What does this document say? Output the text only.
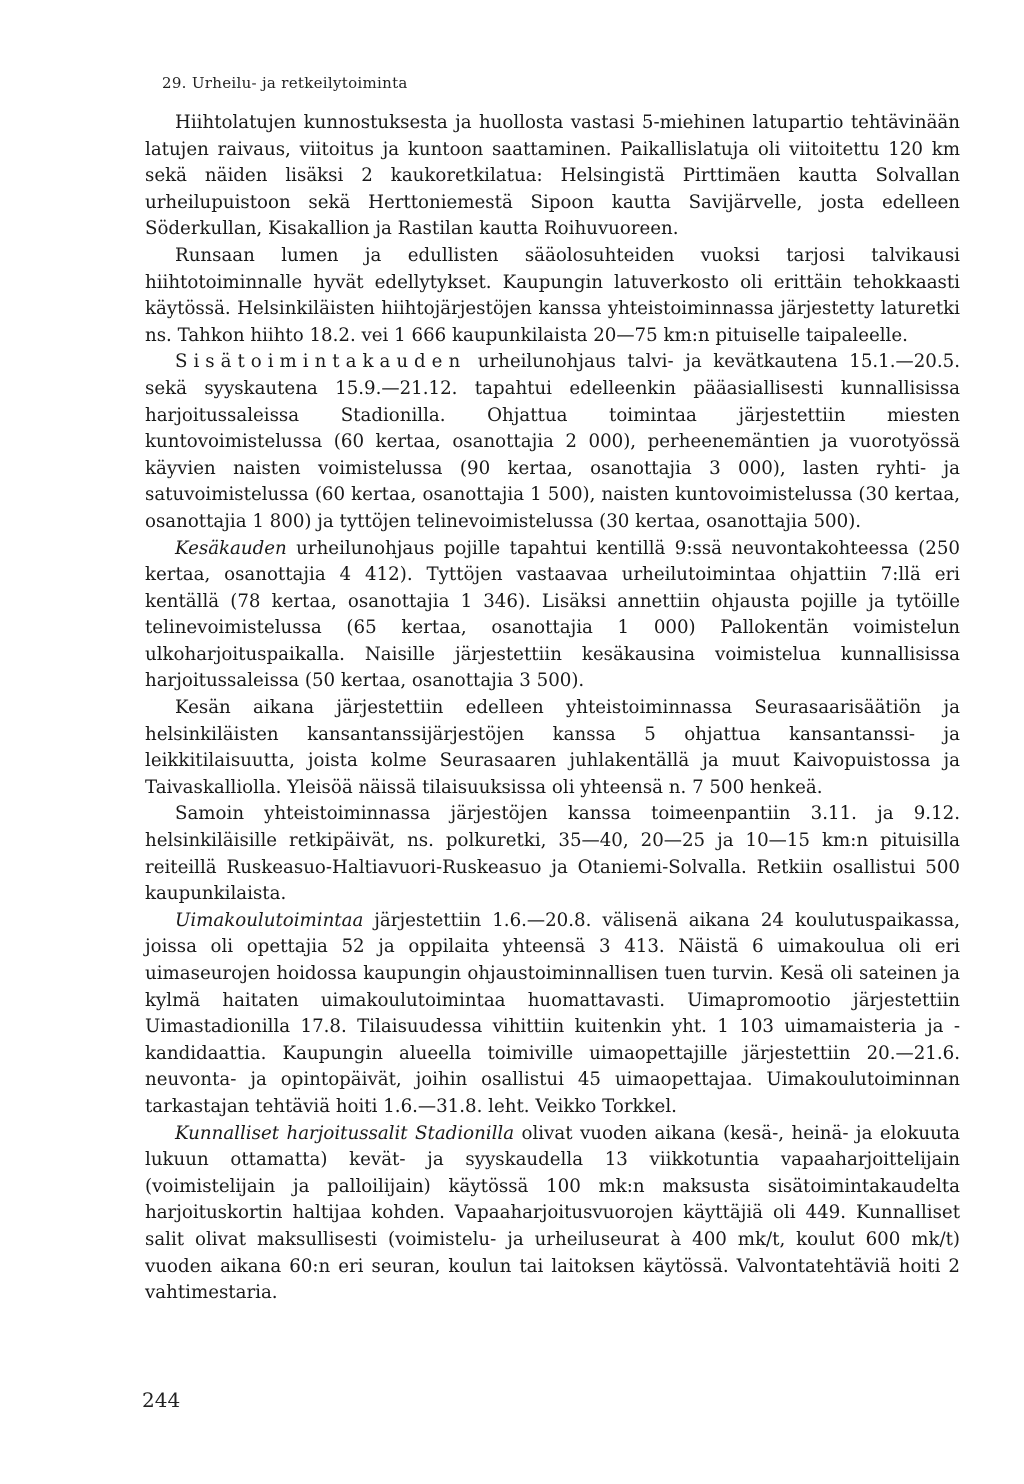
29. Urheilu- ja retkeilytoiminta

Hiihtolatujen kunnostuksesta ja huollosta vastasi 5-miehinen latupartio tehtävinään latujen raivaus, viitoitus ja kuntoon saattaminen. Paikallislatuja oli viitoitettu 120 km sekä näiden lisäksi 2 kaukoretkilatua: Helsingistä Pirttimäen kautta Solvallan urheilupuistoon sekä Herttoniemestä Sipoon kautta Savijärvelle, josta edelleen Söderkullan, Kisakallion ja Rastilan kautta Roihuvuoreen.

Runsaan lumen ja edullisten sääolosuhteiden vuoksi tarjosi talvikausi hiihtotoiminnalle hyvät edellytykset. Kaupungin latuverkosto oli erittäin tehokkaasti käytössä. Helsinkiläisten hiihtojärjestöjen kanssa yhteistoiminnassa järjestetty laturetki ns. Tahkon hiihto 18.2. vei 1 666 kaupunkilaista 20—75 km:n pituiselle taipaleelle.

Sisätoimintakauden urheilunohjaus talvi- ja kevätkautena 15.1.—20.5. sekä syyskautena 15.9.—21.12. tapahtui edelleenkin pääasiallisesti kunnallisissa harjoitussaleissa Stadionilla. Ohjattua toimintaa järjestettiin miesten kuntovoimistelussa (60 kertaa, osanottajia 2 000), perheenemäntien ja vuorotyössä käyvien naisten voimistelussa (90 kertaa, osanottajia 3 000), lasten ryhti- ja satuvoimistelussa (60 kertaa, osanottajia 1 500), naisten kuntovoimistelussa (30 kertaa, osanottajia 1 800) ja tyttöjen telinevoimistelussa (30 kertaa, osanottajia 500).

Kesäkauden urheilunohjaus pojille tapahtui kentillä 9:ssä neuvontakohteessa (250 kertaa, osanottajia 4 412). Tyttöjen vastaavaa urheilutoimintaa ohjattiin 7:llä eri kentällä (78 kertaa, osanottajia 1 346). Lisäksi annettiin ohjausta pojille ja tytöille telinevoimistelussa (65 kertaa, osanottajia 1 000) Pallokentän voimistelun ulkoharjoituspaikalla. Naisille järjestettiin kesäkausina voimistelua kunnallisissa harjoitussaleissa (50 kertaa, osanottajia 3 500).

Kesän aikana järjestettiin edelleen yhteistoiminnassa Seurasaarisäätiön ja helsinkiläisten kansantanssijärjestöjen kanssa 5 ohjattua kansantanssi- ja leikkitilaisuutta, joista kolme Seurasaaren juhlakentällä ja muut Kaivopuistossa ja Taivaskalliolla. Yleisöä näissä tilaisuuksissa oli yhteensä n. 7 500 henkeä.

Samoin yhteistoiminnassa järjestöjen kanssa toimeenpantiin 3.11. ja 9.12. helsinkiläisille retkipäivät, ns. polkuretki, 35—40, 20—25 ja 10—15 km:n pituisilla reiteillä Ruskeasuo-Haltiavuori-Ruskeasuo ja Otaniemi-Solvalla. Retkiin osallistui 500 kaupunkilaista.

Uimakoulutoimintaa järjestettiin 1.6.—20.8. välisenä aikana 24 koulutuspaikassa, joissa oli opettajia 52 ja oppilaita yhteensä 3 413. Näistä 6 uimakoulua oli eri uimaseurojen hoidossa kaupungin ohjaustoiminnallisen tuen turvin. Kesä oli sateinen ja kylmä haitaten uimakoulutoimintaa huomattavasti. Uimapromootio järjestettiin Uimastadionilla 17.8. Tilaisuudessa vihittiin kuitenkin yht. 1 103 uimamaisteria ja -kandidaattia. Kaupungin alueella toimiville uimaopettajille järjestettiin 20.—21.6. neuvonta- ja opintopäivät, joihin osallistui 45 uimaopettajaa. Uimakoulutoiminnan tarkastajan tehtäviä hoiti 1.6.—31.8. leht. Veikko Torkkel.

Kunnalliset harjoitussalit Stadionilla olivat vuoden aikana (kesä-, heinä- ja elokuuta lukuun ottamatta) kevät- ja syyskaudella 13 viikkotuntia vapaaharjoittelijain (voimistelijain ja palloilijain) käytössä 100 mk:n maksusta sisätoimintakaudelta harjoituskortin haltijaa kohden. Vapaaharjoitusvuorojen käyttäjiä oli 449. Kunnalliset salit olivat maksullisesti (voimistelu- ja urheiluseurat à 400 mk/t, koulut 600 mk/t) vuoden aikana 60:n eri seuran, koulun tai laitoksen käytössä. Valvontatehtäviä hoiti 2 vahtimestaria.

244
